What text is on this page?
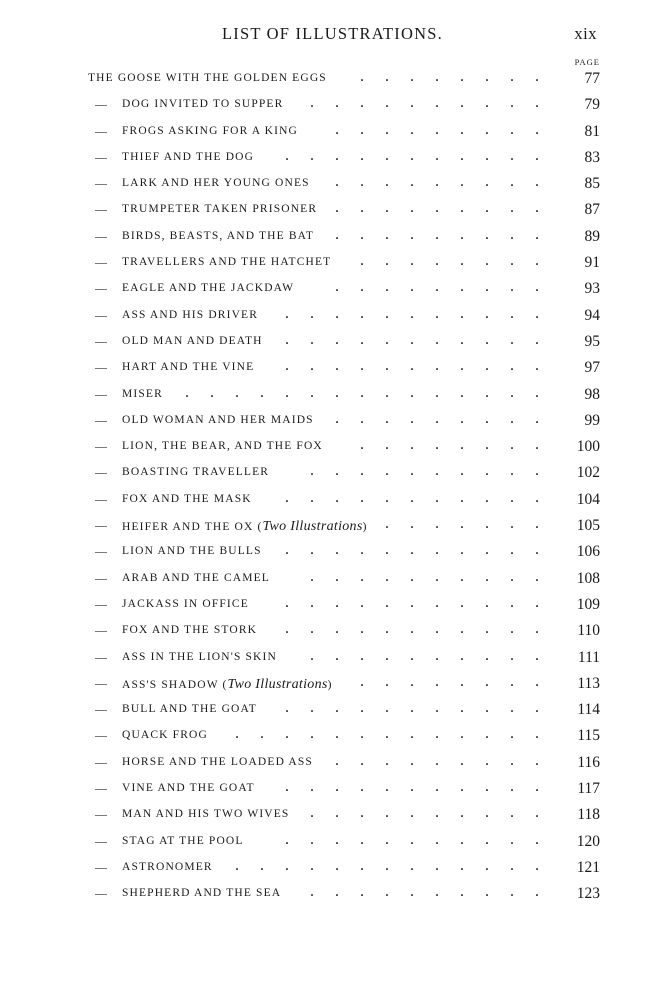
LIST OF ILLUSTRATIONS.	xix
PAGE
THE GOOSE WITH THE GOLDEN EGGS	77
........
— DOG INVITED TO SUPPER	79
..........
— FROGS ASKING FOR A KING	81
.........
— THIEF AND THE DOG	83
...........
— LARK AND HER YOUNG ONES	85
.........
— TRUMPETER TAKEN PRISONER	87
.........
— BIRDS, BEASTS, AND THE BAT	89
.........
— TRAVELLERS AND THE HATCHET	91
........
— EAGLE AND THE JACKDAW	93
.........
— ASS AND HIS DRIVER	94
...........
— OLD MAN AND DEATH	95
...........
— HART AND THE VINE	97
...........
— MISER	98
...............
— OLD WOMAN AND HER MAIDS	99
.........
— LION, THE BEAR, AND THE FOX	100
........
— BOASTING TRAVELLER	102
..........
— FOX AND THE MASK	104
...........
— HEIFER AND THE OX (Two Illustrations)	105
.......
— LION AND THE BULLS	106
...........
— ARAB AND THE CAMEL	108
..........
— JACKASS IN OFFICE	109
...........
— FOX AND THE STORK	110
...........
— ASS IN THE LION'S SKIN	111
..........
— ASS'S SHADOW (Two Illustrations)	113
........
— BULL AND THE GOAT	114
...........
— QUACK FROG	115
.............
— HORSE AND THE LOADED ASS	116
.........
— VINE AND THE GOAT	117
...........
— MAN AND HIS TWO WIVES	118
..........
— STAG AT THE POOL	120
...........
— ASTRONOMER	121
.............
— SHEPHERD AND THE SEA	123
..........
